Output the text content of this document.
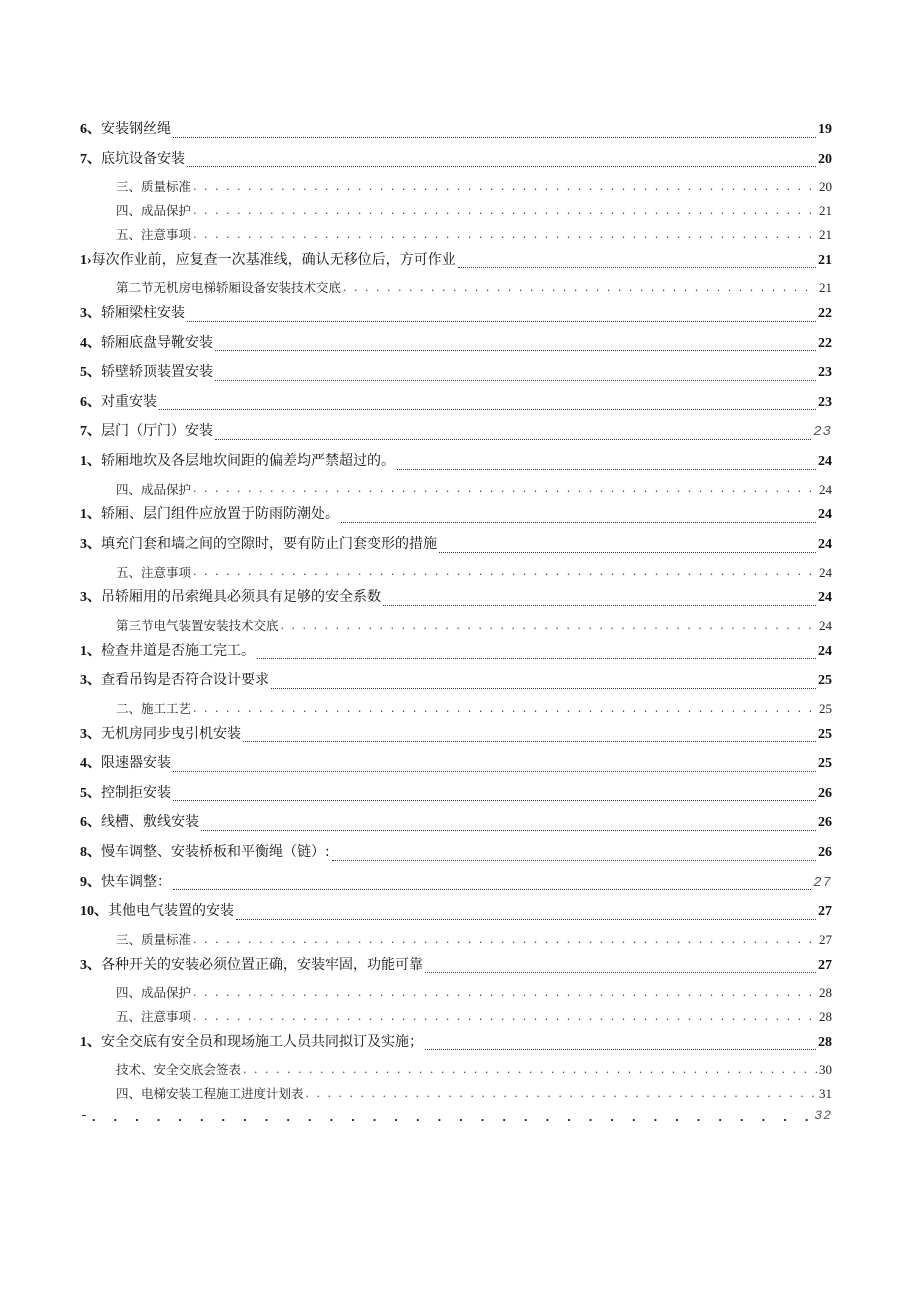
6、安装钢丝绳	19
7、底坑设备安装	20
三、质量标准 . . .	20
四、成品保护 . . .	21
五、注意事项 . . .	21
1›每次作业前，应复查一次基准线，确认无移位后，方可作业	21
第二节无机房电梯轿厢设备安装技术交底 . . .	21
3、轿厢梁柱安装	22
4、轿厢底盘导靴安装	22
5、轿壁轿顶装置安装	23
6、对重安装	23
7、层门（厅门）安装	23
1、轿厢地坎及各层地坎间距的偏差均严禁超过的。	24
四、成品保护 . . .	24
1、轿厢、层门组件应放置于防雨防潮处。	24
3、填充门套和墙之间的空隙时，要有防止门套变形的措施	24
五、注意事项 . . .	24
3、吊轿厢用的吊索绳具必须具有足够的安全系数	24
第三节电气装置安装技术交底 . . .	24
1、检查井道是否施工完工。	24
3、查看吊钩是否符合设计要求	25
二、施工工艺 . . .	25
3、无机房同步曳引机安装	25
4、限速器安装	25
5、控制拒安装	26
6、线槽、敷线安装	26
8、慢车调整、安装桥板和平衡绳（链）:	26
9、快车调整：	27
10、其他电气装置的安装	27
三、质量标准 . . .	27
3、各种开关的安装必须位置正确，安装牢固，功能可靠	27
四、成品保护 . . .	28
五、注意事项 . . .	28
1、安全交底有安全员和现场施工人员共同拟订及实施；	28
技术、安全交底会签表 . . .	30
四、电梯安装工程施工进度计划表 . . .	31
- . . .	32
